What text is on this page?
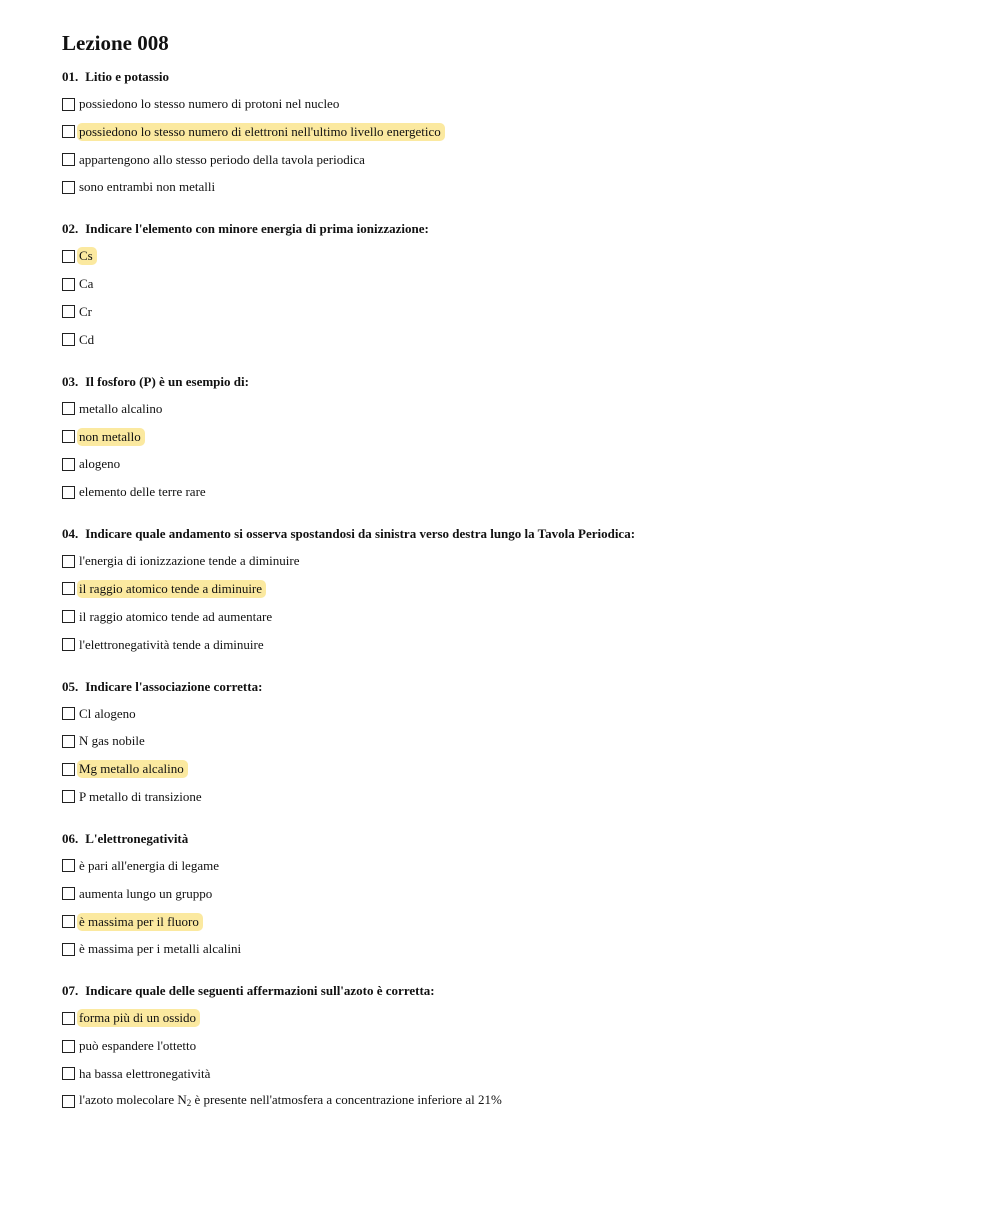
Lezione 008
01. Litio e potassio
possiedono lo stesso numero di protoni nel nucleo
possiedono lo stesso numero di elettroni nell'ultimo livello energetico
appartengono allo stesso periodo della tavola periodica
sono entrambi non metalli
02. Indicare l'elemento con minore energia di prima ionizzazione:
Cs
Ca
Cr
Cd
03. Il fosforo (P) è un esempio di:
metallo alcalino
non metallo
alogeno
elemento delle terre rare
04. Indicare quale andamento si osserva spostandosi da sinistra verso destra lungo la Tavola Periodica:
l'energia di ionizzazione tende a diminuire
il raggio atomico tende a diminuire
il raggio atomico tende ad aumentare
l'elettronegatività tende a diminuire
05. Indicare l'associazione corretta:
Cl alogeno
N gas nobile
Mg metallo alcalino
P metallo di transizione
06. L'elettronegatività
è pari all'energia di legame
aumenta lungo un gruppo
è massima per il fluoro
è massima per i metalli alcalini
07. Indicare quale delle seguenti affermazioni sull'azoto è corretta:
forma più di un ossido
può espandere l'ottetto
ha bassa elettronegatività
l'azoto molecolare $N_2$ è presente nell'atmosfera a concentrazione inferiore al 21%
